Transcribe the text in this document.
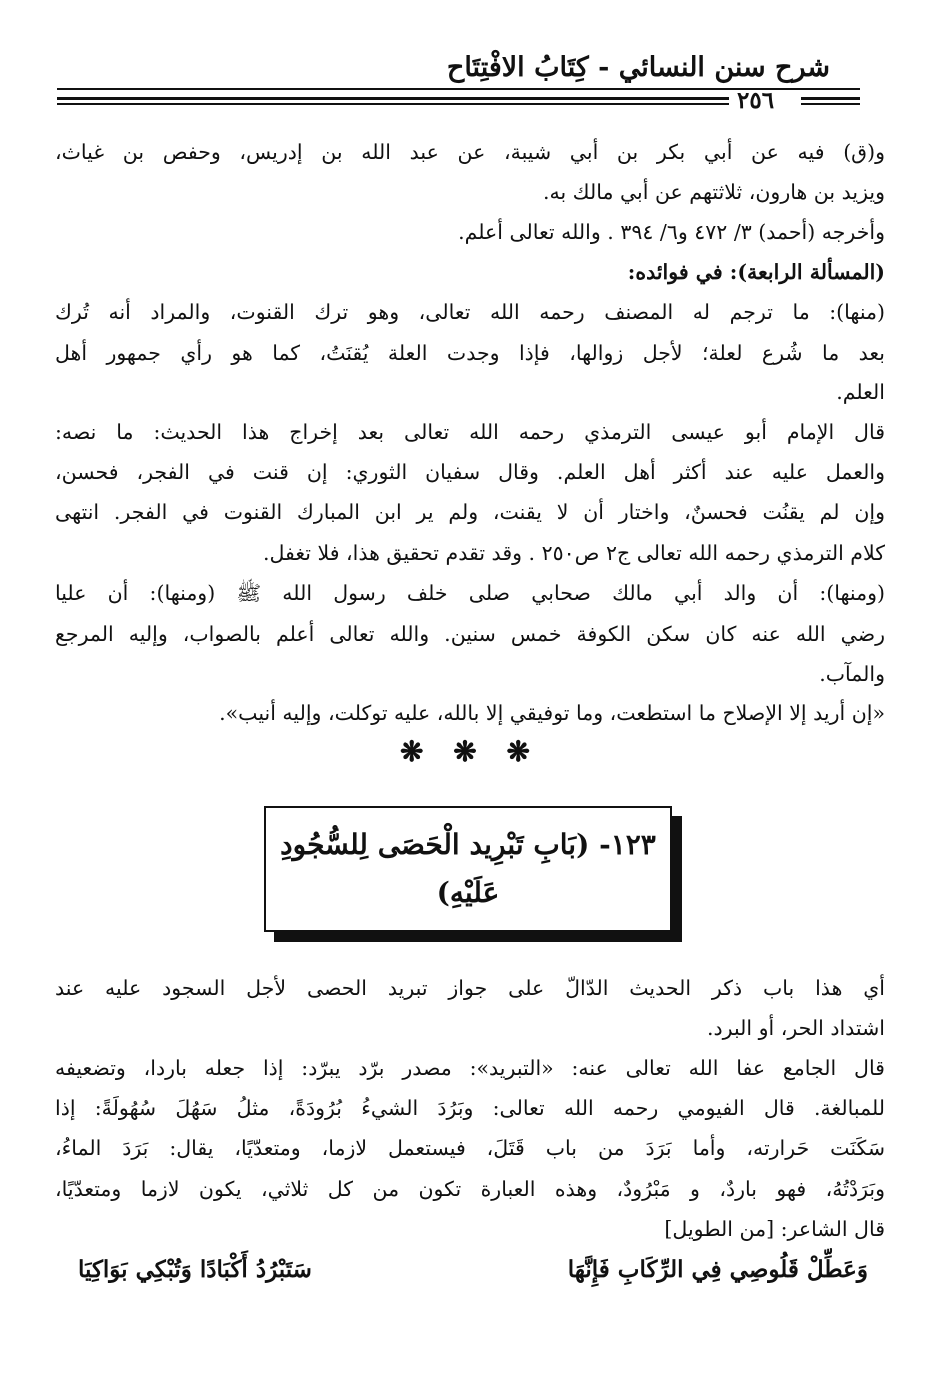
شرح سنن النسائي - كِتَابُ الافْتِتَاح
٢٥٦
و(ق) فيه عن أبي بكر بن أبي شيبة، عن عبد الله بن إدريس، وحفص بن غياث،
ويزيد بن هارون، ثلاثتهم عن أبي مالك به.
وأخرجه (أحمد) ٣/ ٤٧٢ و٦/ ٣٩٤ . والله تعالى أعلم.
(المسألة الرابعة): في فوائده:
(منها): ما ترجم له المصنف رحمه الله تعالى، وهو ترك القنوت، والمراد أنه تُرك
بعد ما شُرع لعلة؛ لأجل زوالها، فإذا وجدت العلة يُقنَتُ، كما هو رأي جمهور أهل
العلم.
قال الإمام أبو عيسى الترمذي رحمه الله تعالى بعد إخراج هذا الحديث: ما نصه:
والعمل عليه عند أكثر أهل العلم. وقال سفيان الثوري: إن قنت في الفجر، فحسن،
وإن لم يقنُت فحسنٌ، واختار أن لا يقنت، ولم ير ابن المبارك القنوت في الفجر. انتهى
كلام الترمذي رحمه الله تعالى ج٢ ص٢٥٠ . وقد تقدم تحقيق هذا، فلا تغفل.
(ومنها): أن والد أبي مالك صحابي صلى خلف رسول الله ﷺ (ومنها): أن عليا
رضي الله عنه كان سكن الكوفة خمس سنين. والله تعالى أعلم بالصواب، وإليه المرجع
والمآب.
«إن أريد إلا الإصلاح ما استطعت، وما توفيقي إلا بالله، عليه توكلت، وإليه أنيب».
❋ ❋ ❋
١٢٣- (بَابِ تَبْرِيد الْحَصَى لِلسُّجُودِ
عَلَيْهِ)
أي هذا باب ذكر الحديث الدّالّ على جواز تبريد الحصى لأجل السجود عليه عند
اشتداد الحر، أو البرد.
قال الجامع عفا الله تعالى عنه: «التبريد»: مصدر برّد يبرّد: إذا جعله باردا، وتضعيفه
للمبالغة. قال الفيومي رحمه الله تعالى: وبَرُدَ الشيءُ بُرُودَةً، مثلُ سَهُلَ سُهُولَةً: إذا
سَكَنَت حَرارته، وأما بَرَدَ من باب قَتَلَ، فيستعمل لازما، ومتعدّيًا، يقال: بَرَدَ الماءُ،
وبَرَدْتُهُ، فهو باردٌ، و مَبْرُودٌ، وهذه العبارة تكون من كل ثلاثي، يكون لازما ومتعدّيًا،
قال الشاعر: [من الطويل]
وَعَطِّلْ قَلُوصِي فِي الرِّكَابِ فَإِنَّهَا
سَتَبْرُدُ أَكْبَادًا وَتُبْكِي بَوَاكِيَا
